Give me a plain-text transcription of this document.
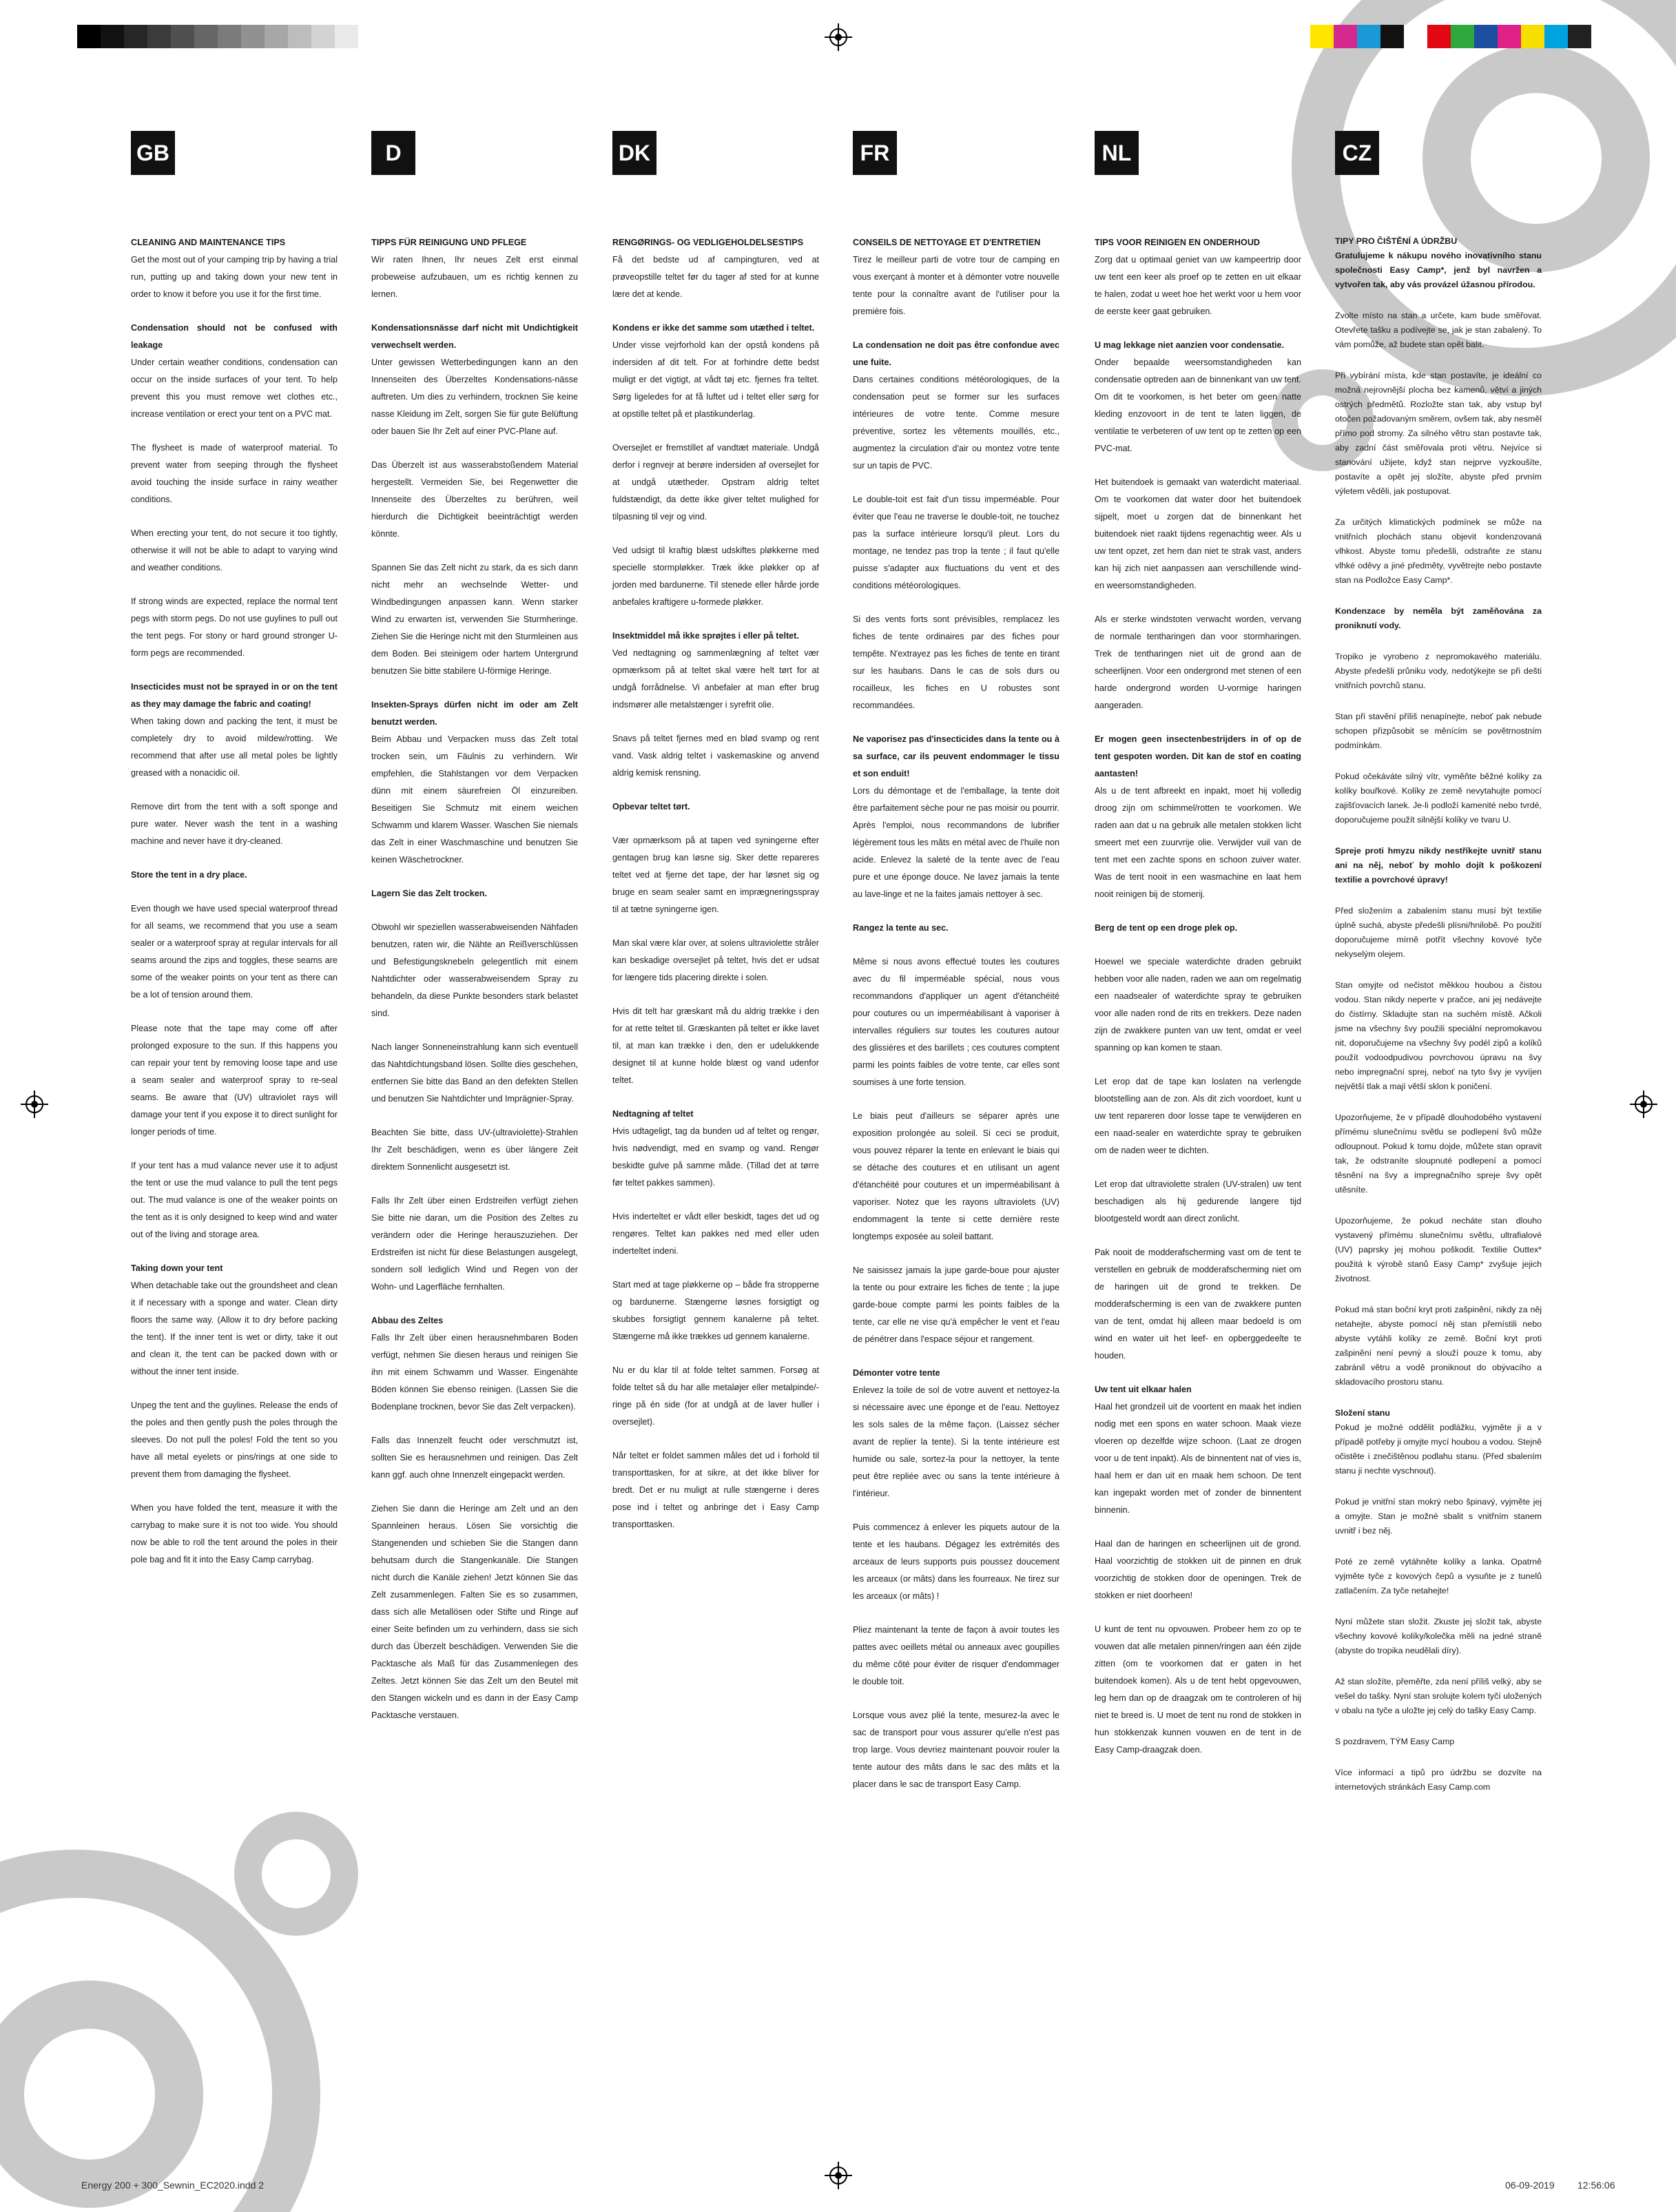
GB

CLEANING AND MAINTENANCE TIPS

Get the most out of your camping trip by having a trial run, putting up and taking down your new tent in order to know it before you use it for the first time.

Condensation should not be confused with leakage

Under certain weather conditions, condensation can occur on the inside surfaces of your tent. To help prevent this you must remove wet clothes etc., increase ventilation or erect your tent on a PVC mat.

The flysheet is made of waterproof material. To prevent water from seeping through the flysheet avoid touching the inside surface in rainy weather conditions.

When erecting your tent, do not secure it too tightly, otherwise it will not be able to adapt to varying wind and weather conditions.

If strong winds are expected, replace the normal tent pegs with storm pegs. Do not use guylines to pull out the tent pegs. For stony or hard ground stronger U-form pegs are recommended.

Insecticides must not be sprayed in or on the tent as they may damage the fabric and coating!

When taking down and packing the tent, it must be completely dry to avoid mildew/rotting. We recommend that after use all metal poles be lightly greased with a nonacidic oil.

Remove dirt from the tent with a soft sponge and pure water. Never wash the tent in a washing machine and never have it dry-cleaned.

Store the tent in a dry place.

Even though we have used special waterproof thread for all seams, we recommend that you use a seam sealer or a waterproof spray at regular intervals for all seams around the zips and toggles, these seams are some of the weaker points on your tent as there can be a lot of tension around them.

Please note that the tape may come off after prolonged exposure to the sun. If this happens you can repair your tent by removing loose tape and use a seam sealer and waterproof spray to re-seal seams. Be aware that (UV) ultraviolet rays will damage your tent if you expose it to direct sunlight for longer periods of time.

If your tent has a mud valance never use it to adjust the tent or use the mud valance to pull the tent pegs out. The mud valance is one of the weaker points on the tent as it is only designed to keep wind and water out of the living and storage area.

Taking down your tent

When detachable take out the groundsheet and clean it if necessary with a sponge and water. Clean dirty floors the same way. (Allow it to dry before packing the tent). If the inner tent is wet or dirty, take it out and clean it, the tent can be packed down with or without the inner tent inside.

Unpeg the tent and the guylines. Release the ends of the poles and then gently push the poles through the sleeves. Do not pull the poles! Fold the tent so you have all metal eyelets or pins/rings at one side to prevent them from damaging the flysheet.

When you have folded the tent, measure it with the carrybag to make sure it is not too wide. You should now be able to roll the tent around the poles in their pole bag and fit it into the Easy Camp carrybag.

D

TIPPS FÜR REINIGUNG UND PFLEGE

Wir raten Ihnen, Ihr neues Zelt erst einmal probeweise aufzubauen, um es richtig kennen zu lernen.

Kondensationsnässe darf nicht mit Undichtigkeit verwechselt werden.

Unter gewissen Wetterbedingungen kann an den Innenseiten des Überzeltes Kondensations-nässe auftreten. Um dies zu verhindern, trocknen Sie keine nasse Kleidung im Zelt, sorgen Sie für gute Belüftung oder bauen Sie Ihr Zelt auf einer PVC-Plane auf.

Das Überzelt ist aus wasserabstoßendem Material hergestellt. Vermeiden Sie, bei Regenwetter die Innenseite des Überzeltes zu berühren, weil hierdurch die Dichtigkeit beeinträchtigt werden könnte.

Spannen Sie das Zelt nicht zu stark, da es sich dann nicht mehr an wechselnde Wetter- und Windbedingungen anpassen kann. Wenn starker Wind zu erwarten ist, verwenden Sie Sturmheringe. Ziehen Sie die Heringe nicht mit den Sturmleinen aus dem Boden. Bei steinigem oder hartem Untergrund benutzen Sie bitte stabilere U-förmige Heringe.

Insekten-Sprays dürfen nicht im oder am Zelt benutzt werden.

Beim Abbau und Verpacken muss das Zelt total trocken sein, um Fäulnis zu verhindern. Wir empfehlen, die Stahlstangen vor dem Verpacken dünn mit einem säurefreien Öl einzureiben. Beseitigen Sie Schmutz mit einem weichen Schwamm und klarem Wasser. Waschen Sie niemals das Zelt in einer Waschmaschine und benutzen Sie keinen Wäschetrockner.

Lagern Sie das Zelt trocken.

Obwohl wir speziellen wasserabweisenden Nähfaden benutzen, raten wir, die Nähte an Reißverschlüssen und Befestigungsknebeln gelegentlich mit einem Nahtdichter oder wasserabweisendem Spray zu behandeln, da diese Punkte besonders stark belastet sind.

Nach langer Sonneneinstrahlung kann sich eventuell das Nahtdichtungsband lösen. Sollte dies geschehen, entfernen Sie bitte das Band an den defekten Stellen und benutzen Sie Nahtdichter und Imprägnier-Spray.

Beachten Sie bitte, dass UV-(ultraviolette)-Strahlen Ihr Zelt beschädigen, wenn es über längere Zeit direktem Sonnenlicht ausgesetzt ist.

Falls Ihr Zelt über einen Erdstreifen verfügt ziehen Sie bitte nie daran, um die Position des Zeltes zu verändern oder die Heringe herauszuziehen. Der Erdstreifen ist nicht für diese Belastungen ausgelegt, sondern soll lediglich Wind und Regen von der Wohn- und Lagerfläche fernhalten.

Abbau des Zeltes

Falls Ihr Zelt über einen herausnehmbaren Boden verfügt, nehmen Sie diesen heraus und reinigen Sie ihn mit einem Schwamm und Wasser. Eingenähte Böden können Sie ebenso reinigen. (Lassen Sie die Bodenplane trocknen, bevor Sie das Zelt verpacken).

Falls das Innenzelt feucht oder verschmutzt ist, sollten Sie es herausnehmen und reinigen. Das Zelt kann ggf. auch ohne Innenzelt eingepackt werden.

Ziehen Sie dann die Heringe am Zelt und an den Spannleinen heraus. Lösen Sie vorsichtig die Stangenenden und schieben Sie die Stangen dann behutsam durch die Stangenkanäle. Die Stangen nicht durch die Kanäle ziehen! Jetzt können Sie das Zelt zusammenlegen. Falten Sie es so zusammen, dass sich alle Metallösen oder Stifte und Ringe auf einer Seite befinden um zu verhindern, dass sie sich durch das Überzelt beschädigen. Verwenden Sie die Packtasche als Maß für das Zusammenlegen des Zeltes. Jetzt können Sie das Zelt um den Beutel mit den Stangen wickeln und es dann in der Easy Camp Packtasche verstauen.

DK

RENGØRINGS- OG VEDLIGEHOLDELSESTIPS

Få det bedste ud af campingturen, ved at prøveopstille teltet før du tager af sted for at kunne lære det at kende.

Kondens er ikke det samme som utæthed i teltet.

Under visse vejrforhold kan der opstå kondens på indersiden af dit telt. For at forhindre dette bedst muligt er det vigtigt, at vådt tøj etc. fjernes fra teltet. Sørg ligeledes for at få luftet ud i teltet eller sørg for at opstille teltet på et plastikunderlag.

Oversejlet er fremstillet af vandtæt materiale. Undgå derfor i regnvejr at berøre indersiden af oversejlet for at undgå utætheder. Opstram aldrig teltet fuldstændigt, da dette ikke giver teltet mulighed for tilpasning til vejr og vind.

Ved udsigt til kraftig blæst udskiftes pløkkerne med specielle stormpløkker. Træk ikke pløkker op af jorden med bardunerne. Til stenede eller hårde jorde anbefales kraftigere u-formede pløkker.

Insektmiddel må ikke sprøjtes i eller på teltet.

Ved nedtagning og sammenlægning af teltet vær opmærksom på at teltet skal være helt tørt for at undgå forrådnelse. Vi anbefaler at man efter brug indsmører alle metalstænger i syrefrit olie.

Snavs på teltet fjernes med en blød svamp og rent vand. Vask aldrig teltet i vaskemaskine og anvend aldrig kemisk rensning.

Opbevar teltet tørt.

Vær opmærksom på at tapen ved syningerne efter gentagen brug kan løsne sig. Sker dette repareres teltet ved at fjerne det tape, der har løsnet sig og bruge en seam sealer samt en imprægneringsspray til at tætne syningerne igen.

Man skal være klar over, at solens ultraviolette stråler kan beskadige oversejlet på teltet, hvis det er udsat for længere tids placering direkte i solen.

Hvis dit telt har græskant må du aldrig trække i den for at rette teltet til. Græskanten på teltet er ikke lavet til, at man kan trække i den, den er udelukkende designet til at kunne holde blæst og vand udenfor teltet.

Nedtagning af teltet

Hvis udtageligt, tag da bunden ud af teltet og rengør, hvis nødvendigt, med en svamp og vand. Rengør beskidte gulve på samme måde. (Tillad det at tørre før teltet pakkes sammen).

Hvis inderteltet er vådt eller beskidt, tages det ud og rengøres. Teltet kan pakkes ned med eller uden inderteltet indeni.

Start med at tage pløkkerne op – både fra stropperne og bardunerne. Stængerne løsnes forsigtigt og skubbes forsigtigt gennem kanalerne på teltet. Stængerne må ikke trækkes ud gennem kanalerne.

Nu er du klar til at folde teltet sammen. Forsøg at folde teltet så du har alle metaløjer eller metalpinde/-ringe på én side (for at undgå at de laver huller i oversejlet).

Når teltet er foldet sammen måles det ud i forhold til transporttasken, for at sikre, at det ikke bliver for bredt. Det er nu muligt at rulle stængerne i deres pose ind i teltet og anbringe det i Easy Camp transporttasken.

FR

CONSEILS DE NETTOYAGE ET D'ENTRETIEN

Tirez le meilleur parti de votre tour de camping en vous exerçant à monter et à démonter votre nouvelle tente pour la connaître avant de l'utiliser pour la première fois.

La condensation ne doit pas être confondue avec une fuite.

Dans certaines conditions météorologiques, de la condensation peut se former sur les surfaces intérieures de votre tente. Comme mesure préventive, sortez les vêtements mouillés, etc., augmentez la circulation d'air ou montez votre tente sur un tapis de PVC.

Le double-toit est fait d'un tissu imperméable. Pour éviter que l'eau ne traverse le double-toit, ne touchez pas la surface intérieure lorsqu'il pleut. Lors du montage, ne tendez pas trop la tente ; il faut qu'elle puisse s'adapter aux fluctuations du vent et des conditions météorologiques.

Si des vents forts sont prévisibles, remplacez les fiches de tente ordinaires par des fiches pour tempête. N'extrayez pas les fiches de tente en tirant sur les haubans. Dans le cas de sols durs ou rocailleux, les fiches en U robustes sont recommandées.

Ne vaporisez pas d'insecticides dans la tente ou à sa surface, car ils peuvent endommager le tissu et son enduit!

Lors du démontage et de l'emballage, la tente doit être parfaitement sèche pour ne pas moisir ou pourrir. Après l'emploi, nous recommandons de lubrifier légèrement tous les mâts en métal avec de l'huile non acide. Enlevez la saleté de la tente avec de l'eau pure et une éponge douce. Ne lavez jamais la tente au lave-linge et ne la faites jamais nettoyer à sec.

Rangez la tente au sec.

Même si nous avons effectué toutes les coutures avec du fil imperméable spécial, nous vous recommandons d'appliquer un agent d'étanchéité pour coutures ou un imperméabilisant à vaporiser à intervalles réguliers sur toutes les coutures autour des glissières et des barillets ; ces coutures comptent parmi les points faibles de votre tente, car elles sont soumises à une forte tension.

Le biais peut d'ailleurs se séparer après une exposition prolongée au soleil. Si ceci se produit, vous pouvez réparer la tente en enlevant le biais qui se détache des coutures et en utilisant un agent d'étanchéité pour coutures et un imperméabilisant à vaporiser. Notez que les rayons ultraviolets (UV) endommagent la tente si cette dernière reste longtemps exposée au soleil battant.

Ne saisissez jamais la jupe garde-boue pour ajuster la tente ou pour extraire les fiches de tente ; la jupe garde-boue compte parmi les points faibles de la tente, car elle ne vise qu'à empêcher le vent et l'eau de pénétrer dans l'espace séjour et rangement.

Démonter votre tente

Enlevez la toile de sol de votre auvent et nettoyez-la si nécessaire avec une éponge et de l'eau. Nettoyez les sols sales de la même façon. (Laissez sécher avant de replier la tente). Si la tente intérieure est humide ou sale, sortez-la pour la nettoyer, la tente peut être repliée avec ou sans la tente intérieure à l'intérieur.

Puis commencez à enlever les piquets autour de la tente et les haubans. Dégagez les extrémités des arceaux de leurs supports puis poussez doucement les arceaux (or mâts) dans les fourreaux. Ne tirez sur les arceaux (or mâts) !

Pliez maintenant la tente de façon à avoir toutes les pattes avec oeillets métal ou anneaux avec goupilles du même côté pour éviter de risquer d'endommager le double toit.

Lorsque vous avez plié la tente, mesurez-la avec le sac de transport pour vous assurer qu'elle n'est pas trop large. Vous devriez maintenant pouvoir rouler la tente autour des mâts dans le sac des mâts et la placer dans le sac de transport Easy Camp.

NL

TIPS VOOR REINIGEN EN ONDERHOUD

Zorg dat u optimaal geniet van uw kampeertrip door uw tent een keer als proef op te zetten en uit elkaar te halen, zodat u weet hoe het werkt voor u hem voor de eerste keer gaat gebruiken.

U mag lekkage niet aanzien voor condensatie.

Onder bepaalde weersomstandigheden kan condensatie optreden aan de binnenkant van uw tent. Om dit te voorkomen, is het beter om geen natte kleding enzovoort in de tent te laten liggen, de ventilatie te verbeteren of uw tent op te zetten op een PVC-mat.

Het buitendoek is gemaakt van waterdicht materiaal. Om te voorkomen dat water door het buitendoek sijpelt, moet u zorgen dat de binnenkant het buitendoek niet raakt tijdens regenachtig weer. Als u uw tent opzet, zet hem dan niet te strak vast, anders kan hij zich niet aanpassen aan verschillende wind- en weersomstandigheden.

Als er sterke windstoten verwacht worden, vervang de normale tentharingen dan voor stormharingen. Trek de tentharingen niet uit de grond aan de scheerlijnen. Voor een ondergrond met stenen of een harde ondergrond worden U-vormige haringen aangeraden.

Er mogen geen insectenbestrijders in of op de tent gespoten worden. Dit kan de stof en coating aantasten!

Als u de tent afbreekt en inpakt, moet hij volledig droog zijn om schimmel/rotten te voorkomen. We raden aan dat u na gebruik alle metalen stokken licht smeert met een zuurvrije olie. Verwijder vuil van de tent met een zachte spons en schoon zuiver water. Was de tent nooit in een wasmachine en laat hem nooit reinigen bij de stomerij.

Berg de tent op een droge plek op.

Hoewel we speciale waterdichte draden gebruikt hebben voor alle naden, raden we aan om regelmatig een naadsealer of waterdichte spray te gebruiken voor alle naden rond de rits en trekkers. Deze naden zijn de zwakkere punten van uw tent, omdat er veel spanning op kan komen te staan.

Let erop dat de tape kan loslaten na verlengde blootstelling aan de zon. Als dit zich voordoet, kunt u uw tent repareren door losse tape te verwijderen en een naad-sealer en waterdichte spray te gebruiken om de naden weer te dichten.

Let erop dat ultraviolette stralen (UV-stralen) uw tent beschadigen als hij gedurende langere tijd blootgesteld wordt aan direct zonlicht.

Pak nooit de modderafscherming vast om de tent te verstellen en gebruik de modderafscherming niet om de haringen uit de grond te trekken. De modderafscherming is een van de zwakkere punten van de tent, omdat hij alleen maar bedoeld is om wind en water uit het leef- en opberggedeelte te houden.

Uw tent uit elkaar halen

Haal het grondzeil uit de voortent en maak het indien nodig met een spons en water schoon. Maak vieze vloeren op dezelfde wijze schoon. (Laat ze drogen voor u de tent inpakt). Als de binnentent nat of vies is, haal hem er dan uit en maak hem schoon. De tent kan ingepakt worden met of zonder de binnentent binnenin.

Haal dan de haringen en scheerlijnen uit de grond. Haal voorzichtig de stokken uit de pinnen en druk voorzichtig de stokken door de openingen. Trek de stokken er niet doorheen!

U kunt de tent nu opvouwen. Probeer hem zo op te vouwen dat alle metalen pinnen/ringen aan één zijde zitten (om te voorkomen dat er gaten in het buitendoek komen). Als u de tent hebt opgevouwen, leg hem dan op de draagzak om te controleren of hij niet te breed is. U moet de tent nu rond de stokken in hun stokkenzak kunnen vouwen en de tent in de Easy Camp-draagzak doen.

CZ

TIPY PRO ČIŠTĚNÍ A ÚDRŽBU

Gratulujeme k nákupu nového inovativního stanu společnosti Easy Camp*, jenž byl navržen a vytvořen tak, aby vás provázel úžasnou přírodou.

Zvolte místo na stan a určete, kam bude směřovat. Otevřete tašku a podívejte se, jak je stan zabalený. To vám pomůže, až budete stan opět balit.

Při vybírání místa, kde stan postavíte, je ideální co možná nejrovnější plocha bez kamenů, větví a jiných ostrých předmětů. Rozložte stan tak, aby vstup byl otočen požadovaným směrem, ovšem tak, aby nesměl přímo pod stromy. Za silného větru stan postavte tak, aby zadní část směřovala proti větru. Nejvíce si stanování užijete, když stan nejprve vyzkoušíte, postavíte a opět jej složíte, abyste před prvním výletem věděli, jak postupovat.

Za určitých klimatických podmínek se může na vnitřních plochách stanu objevit kondenzovaná vlhkost. Abyste tomu předešli, odstraňte ze stanu vlhké oděvy a jiné předměty, vyvětrejte nebo postavte stan na Podložce Easy Camp*.

Kondenzace by neměla být zaměňována za proniknutí vody.

Tropiko je vyrobeno z nepromokavého materiálu. Abyste předešli průniku vody, nedotýkejte se při dešti vnitřních povrchů stanu.

Stan při stavění příliš nenapínejte, neboť pak nebude schopen přizpůsobit se měnícím se povětrnostním podmínkám.

Pokud očekáváte silný vítr, vyměňte běžné kolíky za kolíky bouřkové. Kolíky ze země nevytahujte pomocí zajišťovacích lanek. Je-li podloží kamenité nebo tvrdé, doporučujeme použít silnější kolíky ve tvaru U.

Spreje proti hmyzu nikdy nestříkejte uvnitř stanu ani na něj, neboť by mohlo dojít k poškození textilie a povrchové úpravy!

Před složením a zabalením stanu musí být textilie úplně suchá, abyste předešli plísni/hnilobě. Po použití doporučujeme mírně potřít všechny kovové tyče nekyselým olejem.

Stan omyjte od nečistot měkkou houbou a čistou vodou. Stan nikdy neperte v pračce, ani jej nedávejte do čistírny. Skladujte stan na suchém místě. Ačkoli jsme na všechny švy použili speciální nepromokavou nit, doporučujeme na všechny švy podél zipů a kolíků použít vodoodpudivou povrchovou úpravu na švy nebo impregnační sprej, neboť na tyto švy je vyvíjen největší tlak a mají větší sklon k poničení.

Upozorňujeme, že v případě dlouhodobého vystavení přímému slunečnímu světlu se podlepení švů může odloupnout. Pokud k tomu dojde, můžete stan opravit tak, že odstraníte sloupnuté podlepení a pomocí těsnění na švy a impregnačního spreje švy opět utěsníte.

Upozorňujeme, že pokud necháte stan dlouho vystavený přímému slunečnímu světlu, ultrafialové (UV) paprsky jej mohou poškodit. Textilie Outtex* použitá k výrobě stanů Easy Camp* zvyšuje jejich životnost.

Pokud má stan boční kryt proti zašpinění, nikdy za něj netahejte, abyste pomocí něj stan přemístili nebo abyste vytáhli kolíky ze země. Boční kryt proti zašpinění není pevný a slouží pouze k tomu, aby zabránil větru a vodě proniknout do obývacího a skladovacího prostoru stanu.

Složení stanu

Pokud je možné oddělit podlážku, vyjměte ji a v případě potřeby ji omyjte mycí houbou a vodou. Stejně očistěte i znečištěnou podlahu stanu. (Před sbalením stanu ji nechte vyschnout).

Pokud je vnitřní stan mokrý nebo špinavý, vyjměte jej a omyjte. Stan je možné sbalit s vnitřním stanem uvnitř i bez něj.

Poté ze země vytáhněte kolíky a lanka. Opatrně vyjměte tyče z kovových čepů a vysuňte je z tunelů zatlačením. Za tyče netahejte!

Nyní můžete stan složit. Zkuste jej složit tak, abyste všechny kovové kolíky/kolečka měli na jedné straně (abyste do tropika neudělali díry).

Až stan složíte, přeměřte, zda není příliš velký, aby se vešel do tašky. Nyní stan srolujte kolem tyčí uložených v obalu na tyče a uložte jej celý do tašky Easy Camp.

S pozdravem, TÝM Easy Camp

Více informací a tipů pro údržbu se dozvíte na internetových stránkách Easy Camp.com

Energy 200 + 300_Sewnin_EC2020.indd 2	06-09-2019 12:56:06
